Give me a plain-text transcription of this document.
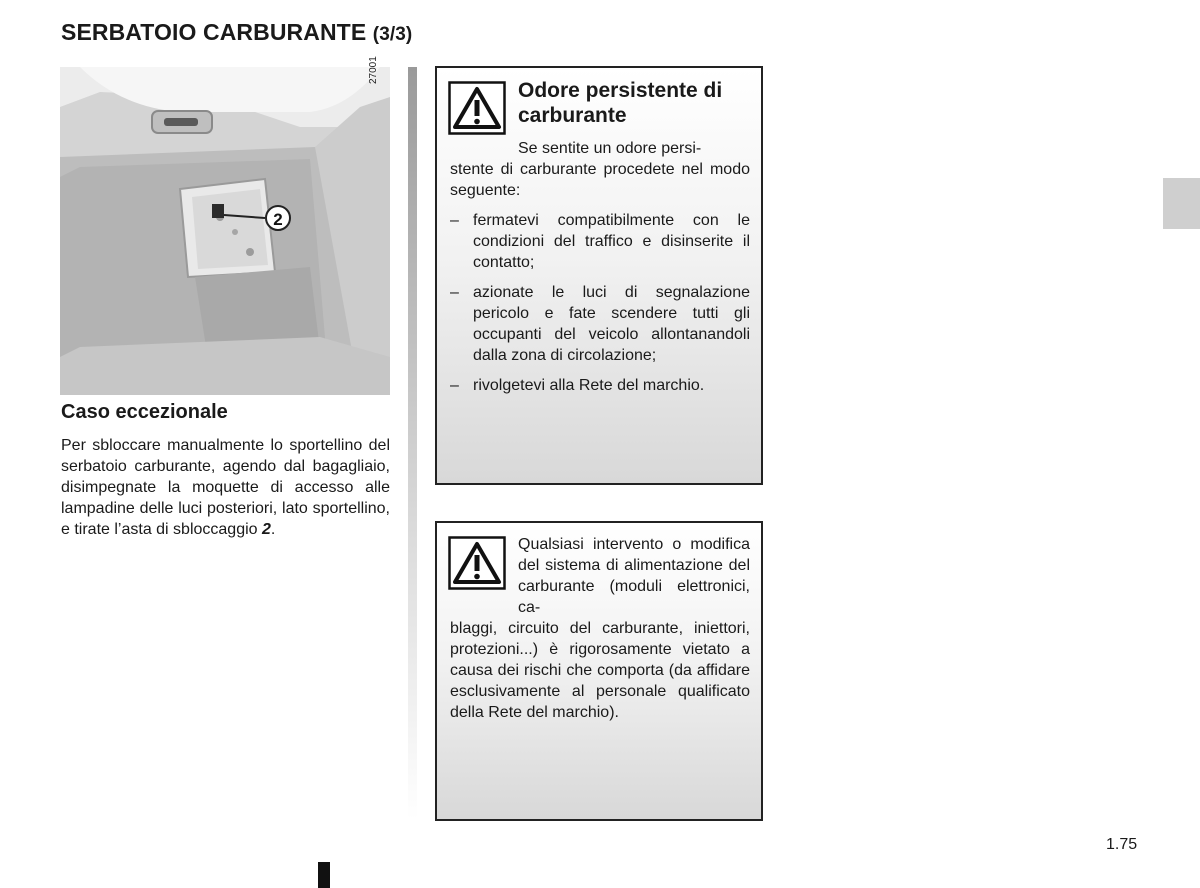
SERBATOIO CARBURANTE (3/3)
2
27001
Caso eccezionale
Per sbloccare manualmente lo sportellino del serbatoio carburante, agendo dal bagagliaio, disimpegnate la moquette di accesso alle lampadine delle luci posteriori, lato sportellino, e tirate l’asta di sbloccaggio 2.
Odore persistente di carburante
Se sentite un odore persi-
stente di carburante procedete nel modo seguente:
– fermatevi compatibilmente con le condizioni del traffico e disinserite il contatto;
– azionate le luci di segnalazione pericolo e fate scendere tutti gli occupanti del veicolo allontanandoli dalla zona di circolazione;
– rivolgetevi alla Rete del marchio.
Qualsiasi intervento o modifica del sistema di alimentazione del carburante (moduli elettronici, ca-
blaggi, circuito del carburante, iniettori, protezioni...) è rigorosamente vietato a causa dei rischi che comporta (da affidare esclusivamente al personale qualificato della Rete del marchio).
1.75
